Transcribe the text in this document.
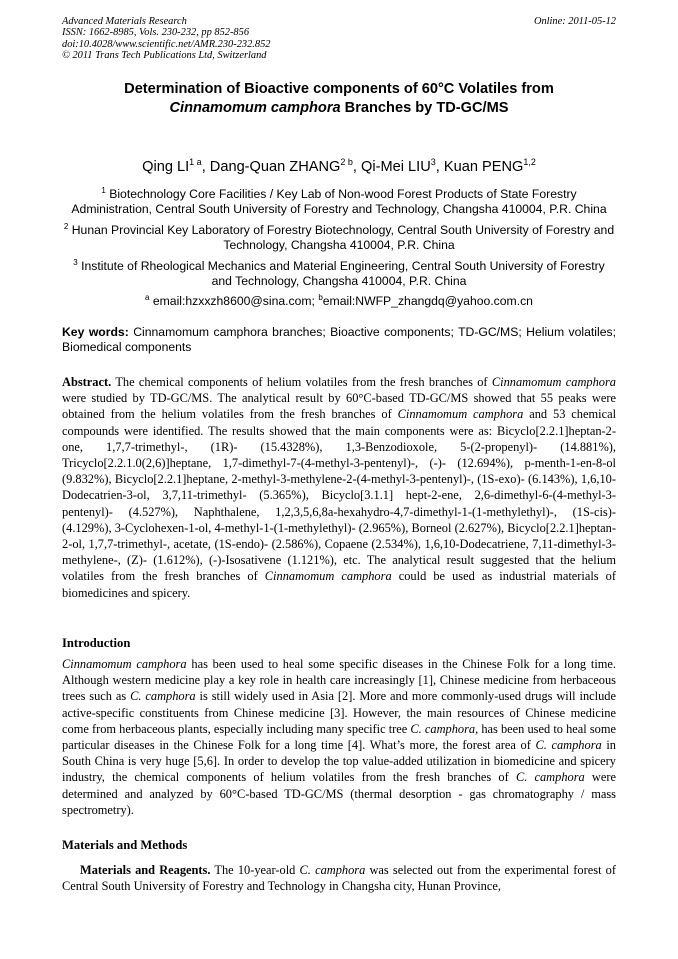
Advanced Materials Research
ISSN: 1662-8985, Vols. 230-232, pp 852-856
doi:10.4028/www.scientific.net/AMR.230-232.852
© 2011 Trans Tech Publications Ltd, Switzerland
Online: 2011-05-12
Determination of Bioactive components of 60°C Volatiles from
Cinnamomum camphora Branches by TD-GC/MS
Qing $LI^{1 a}$, Dang-Quan $ZHANG^{2 b}$, Qi-Mei LIU$^3$, Kuan PENG$^{1,2}$
$^1$ Biotechnology Core Facilities / Key Lab of Non-wood Forest Products of State Forestry Administration, Central South University of Forestry and Technology, Changsha 410004, P.R. China
$^2$ Hunan Provincial Key Laboratory of Forestry Biotechnology, Central South University of Forestry and Technology, Changsha 410004, P.R. China
$^3$ Institute of Rheological Mechanics and Material Engineering, Central South University of Forestry and Technology, Changsha 410004, P.R. China
$^a$ email:hzxxzh8600@sina.com; $^b$email:NWFP_zhangdq@yahoo.com.cn
Key words: Cinnamomum camphora branches; Bioactive components; TD-GC/MS; Helium volatiles; Biomedical components
Abstract. The chemical components of helium volatiles from the fresh branches of Cinnamomum camphora were studied by TD-GC/MS. The analytical result by 60°C-based TD-GC/MS showed that 55 peaks were obtained from the helium volatiles from the fresh branches of Cinnamomum camphora and 53 chemical compounds were identified. The results showed that the main components were as: Bicyclo[2.2.1]heptan-2-one, 1,7,7-trimethyl-, (1R)- (15.4328%), 1,3-Benzodioxole, 5-(2-propenyl)- (14.881%), Tricyclo[2.2.1.0(2,6)]heptane, 1,7-dimethyl-7-(4-methyl-3-pentenyl)-, (-)- (12.694%), p-menth-1-en-8-ol (9.832%), Bicyclo[2.2.1]heptane, 2-methyl-3-methylene-2-(4-methyl-3-pentenyl)-, (1S-exo)- (6.143%), 1,6,10-Dodecatrien-3-ol, 3,7,11-trimethyl- (5.365%), Bicyclo[3.1.1] hept-2-ene, 2,6-dimethyl-6-(4-methyl-3-pentenyl)- (4.527%), Naphthalene, 1,2,3,5,6,8a-hexahydro-4,7-dimethyl-1-(1-methylethyl)-, (1S-cis)- (4.129%), 3-Cyclohexen-1-ol, 4-methyl-1-(1-methylethyl)- (2.965%), Borneol (2.627%), Bicyclo[2.2.1]heptan-2-ol, 1,7,7-trimethyl-, acetate, (1S-endo)- (2.586%), Copaene (2.534%), 1,6,10-Dodecatriene, 7,11-dimethyl-3-methylene-, (Z)- (1.612%), (-)-Isosativene (1.121%), etc. The analytical result suggested that the helium volatiles from the fresh branches of Cinnamomum camphora could be used as industrial materials of biomedicines and spicery.
Introduction
Cinnamomum camphora has been used to heal some specific diseases in the Chinese Folk for a long time. Although western medicine play a key role in health care increasingly [1], Chinese medicine from herbaceous trees such as C. camphora is still widely used in Asia [2]. More and more commonly-used drugs will include active-specific constituents from Chinese medicine [3]. However, the main resources of Chinese medicine come from herbaceous plants, especially including many specific tree C. camphora, has been used to heal some particular diseases in the Chinese Folk for a long time [4]. What’s more, the forest area of C. camphora in South China is very huge [5,6]. In order to develop the top value-added utilization in biomedicine and spicery industry, the chemical components of helium volatiles from the fresh branches of C. camphora were determined and analyzed by 60°C-based TD-GC/MS (thermal desorption - gas chromatography / mass spectrometry).
Materials and Methods
Materials and Reagents. The 10-year-old C. camphora was selected out from the experimental forest of Central South University of Forestry and Technology in Changsha city, Hunan Province,
